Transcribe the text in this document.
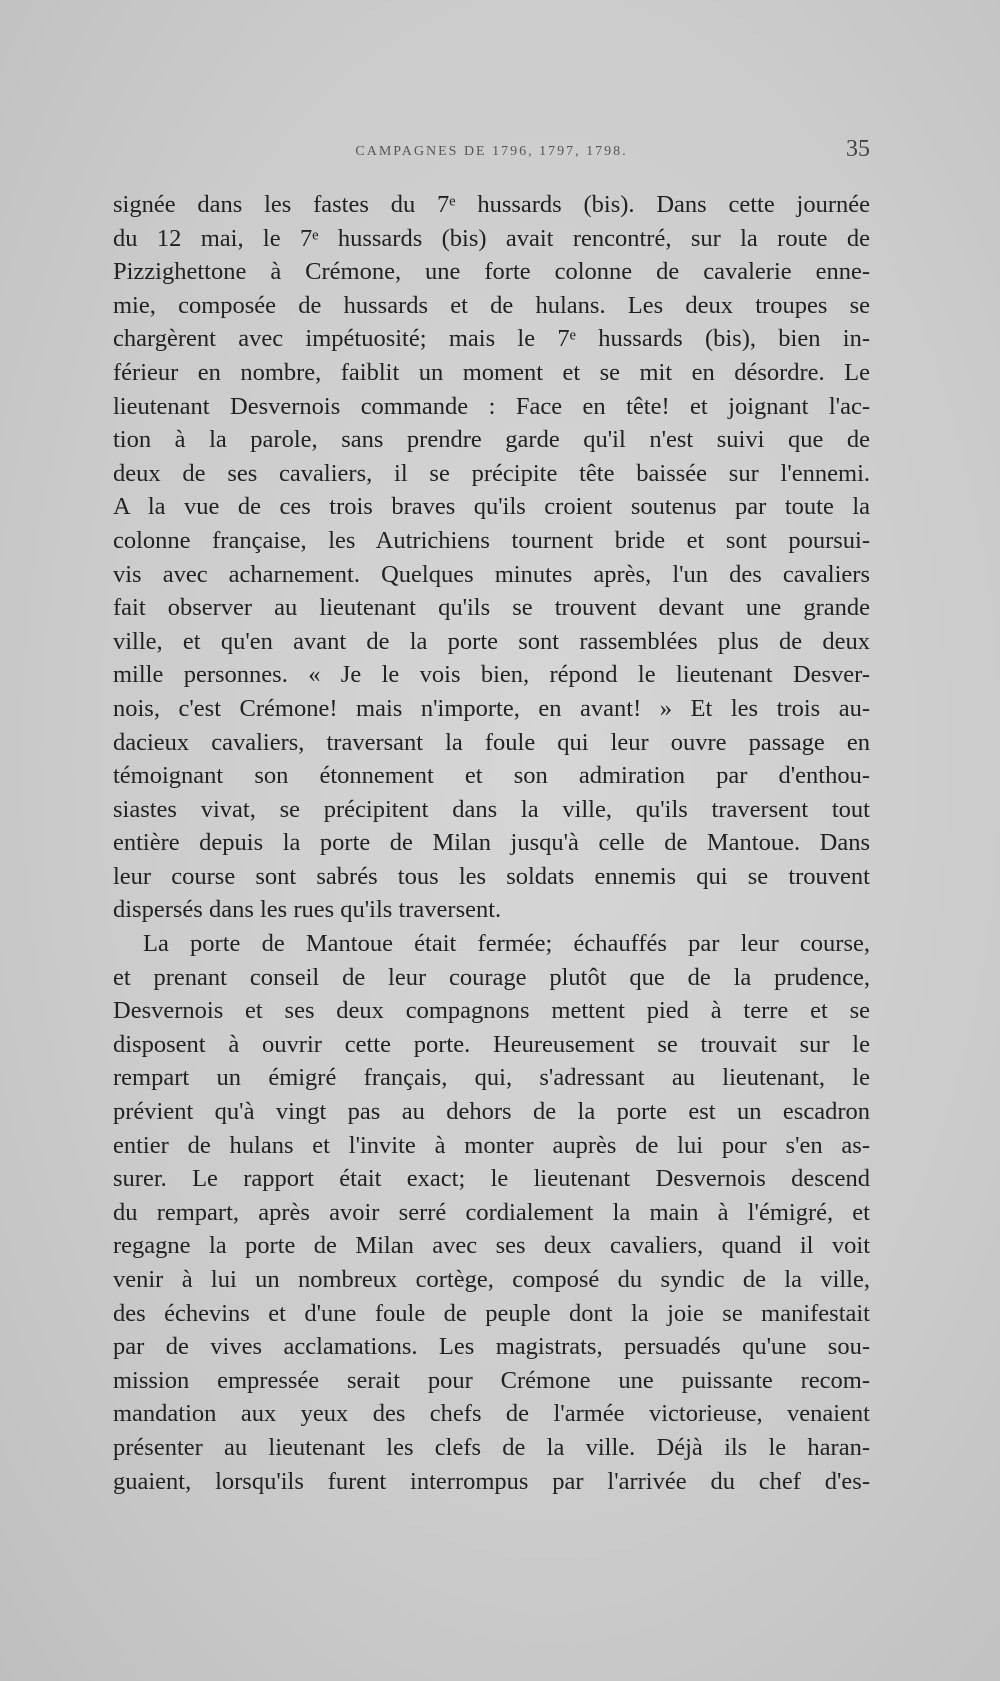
CAMPAGNES DE 1796, 1797, 1798.	35
signée dans les fastes du 7ᵉ hussards (bis). Dans cette journée
du 12 mai, le 7ᵉ hussards (bis) avait rencontré, sur la route de
Pizzighettone à Crémone, une forte colonne de cavalerie enne-
mie, composée de hussards et de hulans. Les deux troupes se
chargèrent avec impétuosité; mais le 7ᵉ hussards (bis), bien in-
férieur en nombre, faiblit un moment et se mit en désordre. Le
lieutenant Desvernois commande : Face en tête! et joignant l'ac-
tion à la parole, sans prendre garde qu'il n'est suivi que de
deux de ses cavaliers, il se précipite tête baissée sur l'ennemi.
A la vue de ces trois braves qu'ils croient soutenus par toute la
colonne française, les Autrichiens tournent bride et sont poursui-
vis avec acharnement. Quelques minutes après, l'un des cavaliers
fait observer au lieutenant qu'ils se trouvent devant une grande
ville, et qu'en avant de la porte sont rassemblées plus de deux
mille personnes. « Je le vois bien, répond le lieutenant Desver-
nois, c'est Crémone! mais n'importe, en avant! » Et les trois au-
dacieux cavaliers, traversant la foule qui leur ouvre passage en
témoignant son étonnement et son admiration par d'enthou-
siastes vivat, se précipitent dans la ville, qu'ils traversent tout
entière depuis la porte de Milan jusqu'à celle de Mantoue. Dans
leur course sont sabrés tous les soldats ennemis qui se trouvent
dispersés dans les rues qu'ils traversent.
La porte de Mantoue était fermée; échauffés par leur course,
et prenant conseil de leur courage plutôt que de la prudence,
Desvernois et ses deux compagnons mettent pied à terre et se
disposent à ouvrir cette porte. Heureusement se trouvait sur le
rempart un émigré français, qui, s'adressant au lieutenant, le
prévient qu'à vingt pas au dehors de la porte est un escadron
entier de hulans et l'invite à monter auprès de lui pour s'en as-
surer. Le rapport était exact; le lieutenant Desvernois descend
du rempart, après avoir serré cordialement la main à l'émigré, et
regagne la porte de Milan avec ses deux cavaliers, quand il voit
venir à lui un nombreux cortège, composé du syndic de la ville,
des échevins et d'une foule de peuple dont la joie se manifestait
par de vives acclamations. Les magistrats, persuadés qu'une sou-
mission empressée serait pour Crémone une puissante recom-
mandation aux yeux des chefs de l'armée victorieuse, venaient
présenter au lieutenant les clefs de la ville. Déjà ils le haran-
guaient, lorsqu'ils furent interrompus par l'arrivée du chef d'es-
